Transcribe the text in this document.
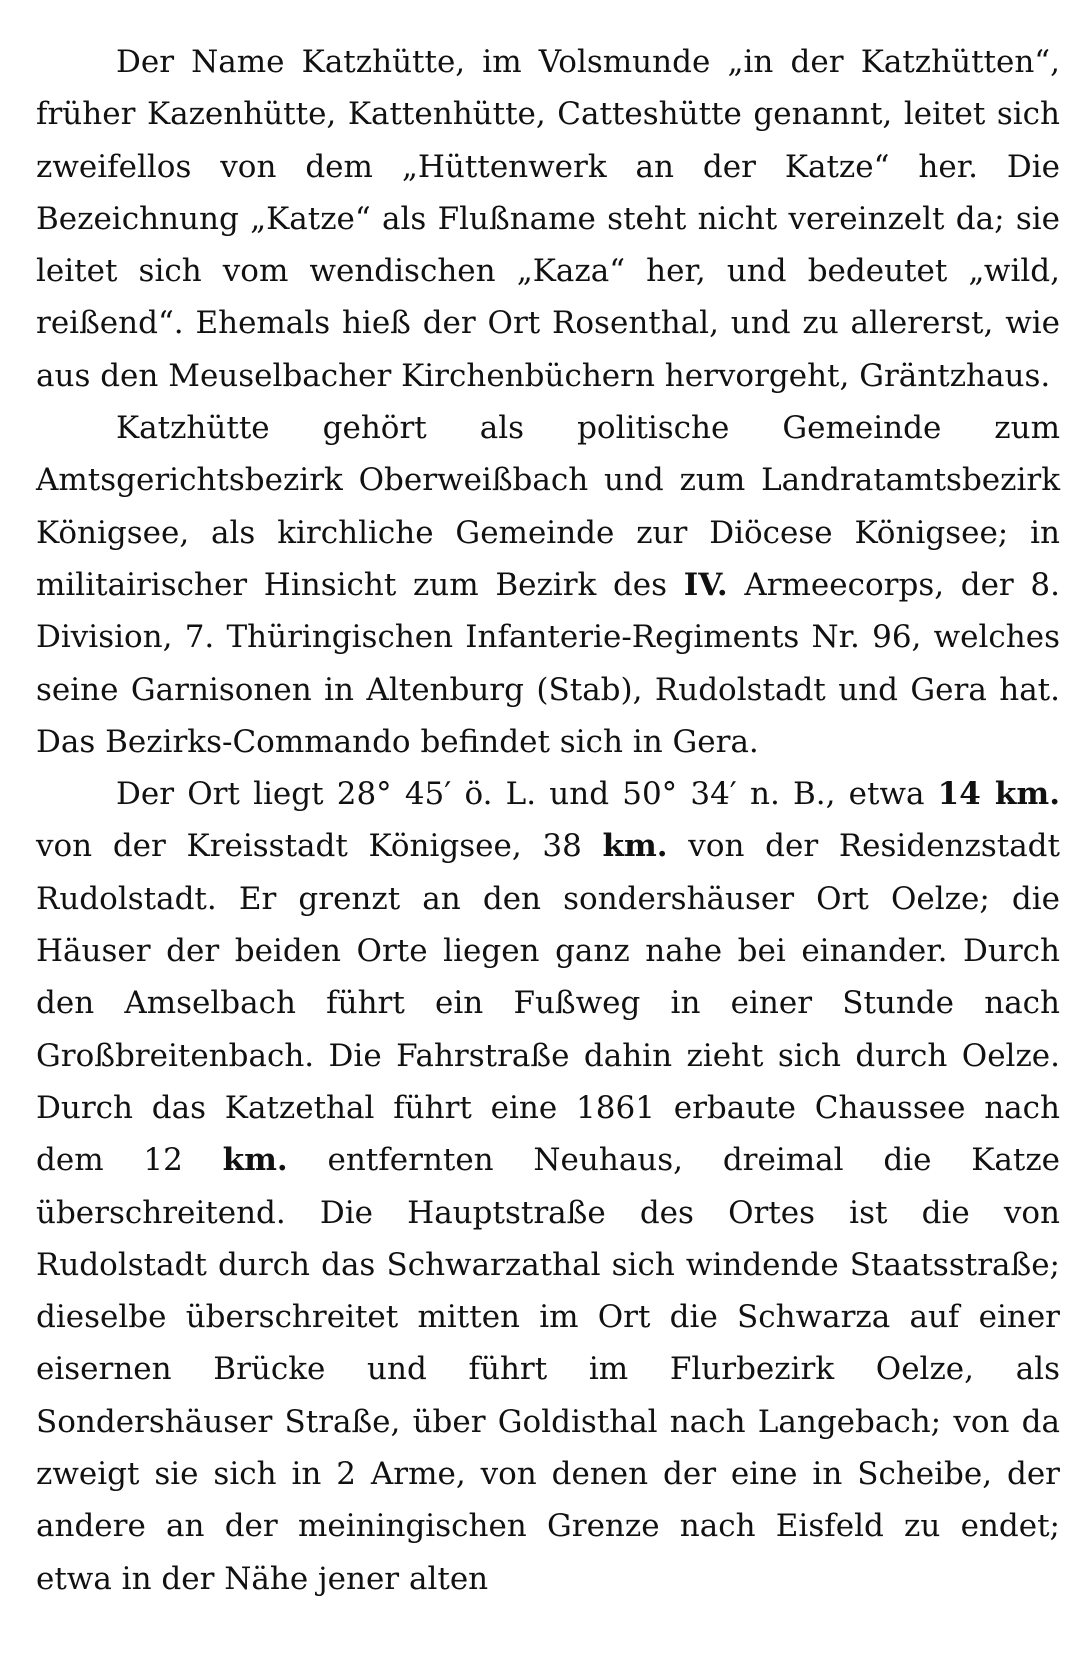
Der Name Katzhütte, im Volsmunde „in der Katzhütten“, früher Kazenhütte, Kattenhütte, Catteshütte genannt, leitet sich zweifellos von dem „Hüttenwerk an der Katze“ her. Die Bezeichnung „Katze“ als Flußname steht nicht vereinzelt da; sie leitet sich vom wendischen „Kaza“ her, und bedeutet „wild, reißend“. Ehemals hieß der Ort Rosenthal, und zu allererst, wie aus den Meuselbacher Kirchenbüchern hervorgeht, Gräntzhaus.

Katzhütte gehört als politische Gemeinde zum Amtsgerichtsbezirk Oberweißbach und zum Landratamtsbezirk Königsee, als kirchliche Gemeinde zur Diöcese Königsee; in militairischer Hinsicht zum Bezirk des IV. Armeecorps, der 8. Division, 7. Thüringischen Infanterie-Regiments Nr. 96, welches seine Garnisonen in Altenburg (Stab), Rudolstadt und Gera hat. Das Bezirks-Commando befindet sich in Gera.

Der Ort liegt 28° 45′ ö. L. und 50° 34′ n. B., etwa 14 km. von der Kreisstadt Königsee, 38 km. von der Residenzstadt Rudolstadt. Er grenzt an den sondershäuser Ort Oelze; die Häuser der beiden Orte liegen ganz nahe bei einander. Durch den Amselbach führt ein Fußweg in einer Stunde nach Großbreitenbach. Die Fahrstraße dahin zieht sich durch Oelze. Durch das Katzethal führt eine 1861 erbaute Chaussee nach dem 12 km. entfernten Neuhaus, dreimal die Katze überschreitend. Die Hauptstraße des Ortes ist die von Rudolstadt durch das Schwarzathal sich windende Staatsstraße; dieselbe überschreitet mitten im Ort die Schwarza auf einer eisernen Brücke und führt im Flurbezirk Oelze, als Sondershäuser Straße, über Goldisthal nach Langebach; von da zweigt sie sich in 2 Arme, von denen der eine in Scheibe, der andere an der meiningischen Grenze nach Eisfeld zu endet; etwa in der Nähe jener alten
